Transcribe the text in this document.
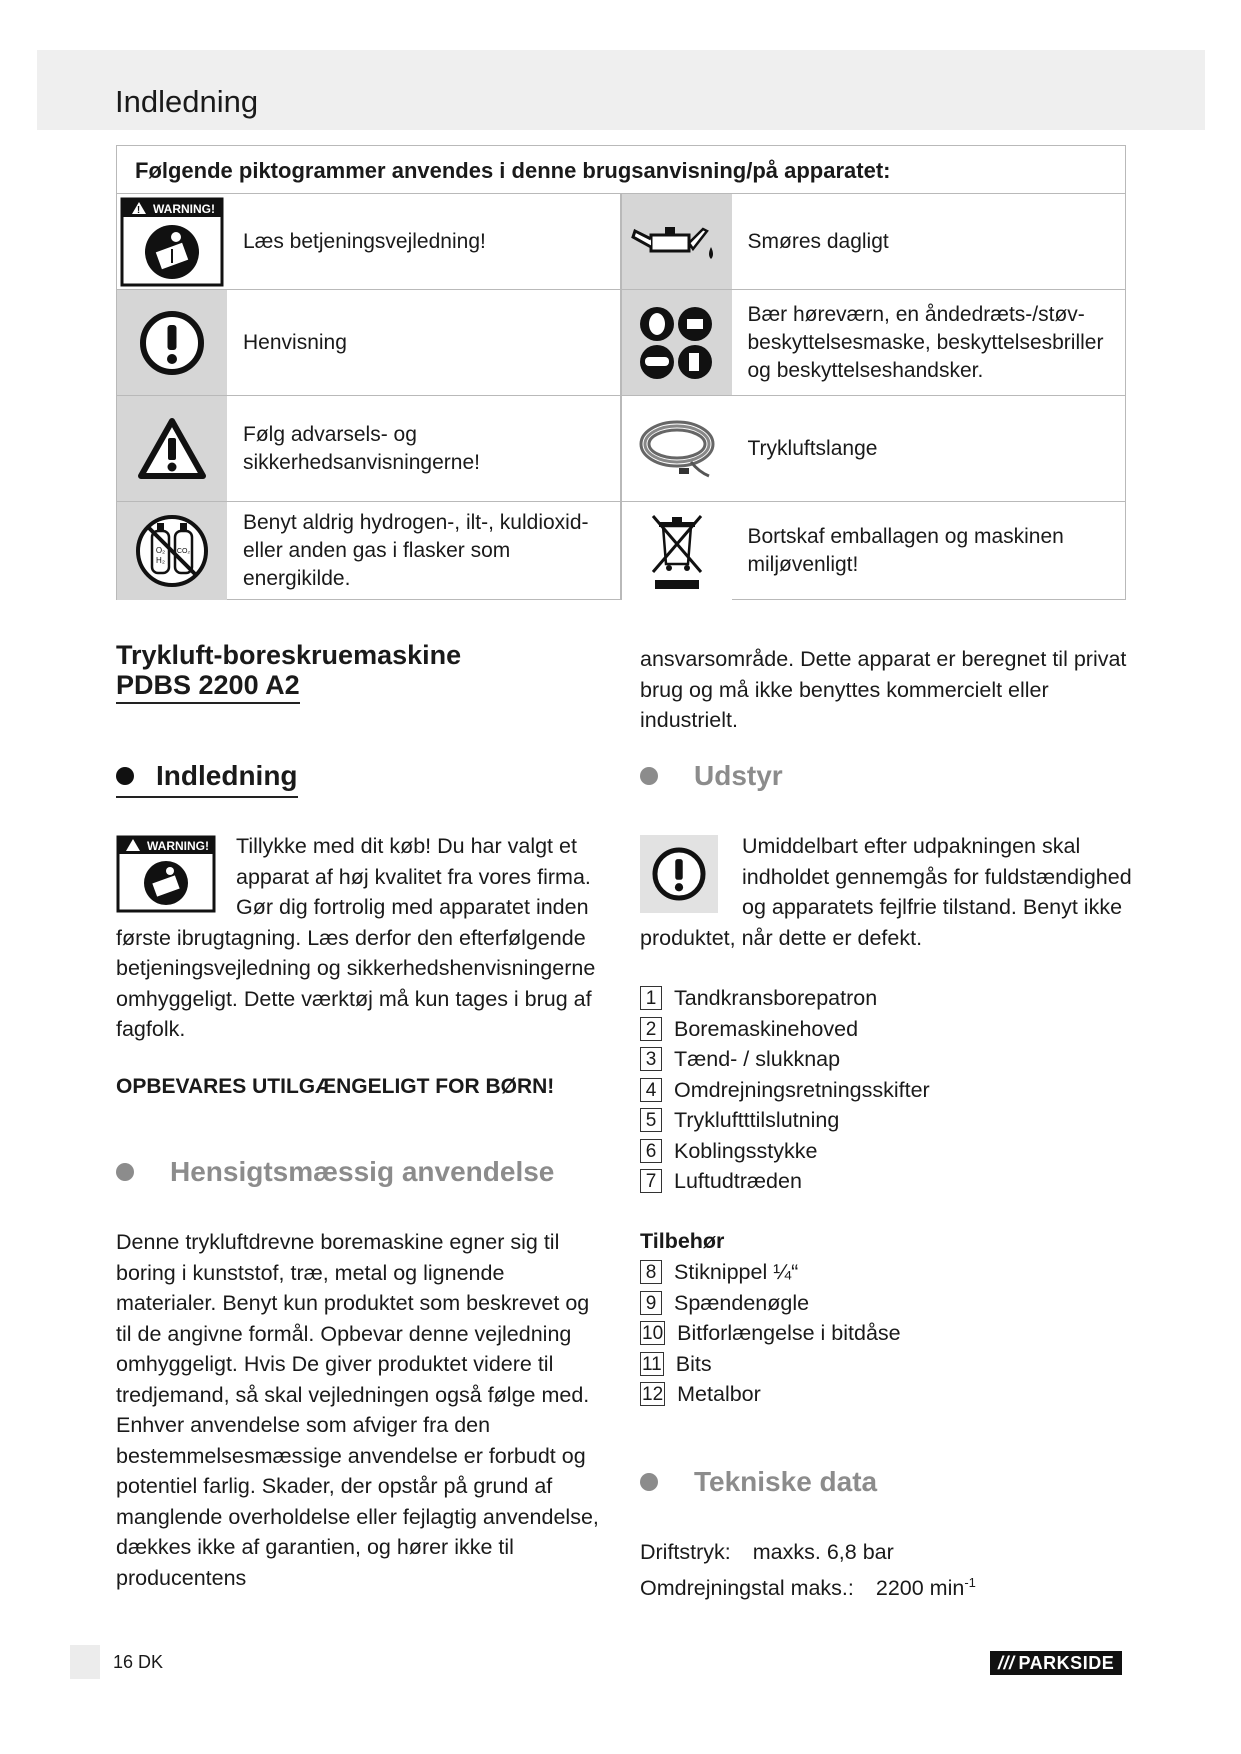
Indledning
Følgende piktogrammer anvendes i denne brugsanvisning/på apparatet:
! WARNING!
Læs betjeningsvejledning!	Smøres dagligt
Henvisning
Bær høreværn, en åndedræts-/støv-beskyttelsesmaske, beskyttelsesbriller og beskyttelseshandsker.
Følg advarsels- og sikkerhedsanvisningerne!
Trykluftslange
O₂
H₂
CO₂
Benyt aldrig hydrogen-, ilt-, kuldioxid- eller anden gas i flasker som energikilde.
Bortskaf emballagen og maskinen miljøvenligt!
Trykluft-boreskruemaskine
PDBS 2200 A2
Indledning
WARNING! Tillykke med dit køb! Du har valgt et apparat af høj kvalitet fra vores firma. Gør dig fortrolig med apparatet inden første ibrugtagning. Læs derfor den efterfølgende betjeningsvejledning og sikkerhedshenvisningerne omhyggeligt. Dette værktøj må kun tages i brug af fagfolk.
OPBEVARES UTILGÆNGELIGT FOR BØRN!
Hensigtsmæssig anvendelse
Denne trykluftdrevne boremaskine egner sig til boring i kunststof, træ, metal og lignende materialer. Benyt kun produktet som beskrevet og til de angivne formål. Opbevar denne vejledning omhyggeligt. Hvis De giver produktet videre til tredjemand, så skal vejledningen også følge med. Enhver anvendelse som afviger fra den bestemmelsesmæssige anvendelse er forbudt og potentiel farlig. Skader, der opstår på grund af manglende overholdelse eller fejlagtig anvendelse, dækkes ikke af garantien, og hører ikke til producentens
ansvarsområde. Dette apparat er beregnet til privat brug og må ikke benyttes kommercielt eller industrielt.
Udstyr
Umiddelbart efter udpakningen skal indholdet gennemgås for fuldstændighed og apparatets fejlfrie tilstand. Benyt ikke produktet, når dette er defekt.
1 Tandkransborepatron
2 Boremaskinehoved
3 Tænd- / slukknap
4 Omdrejningsretningsskifter
5 Trykluftttilslutning
6 Koblingsstykke
7 Luftudtræden
Tilbehør
8 Stiknippel ¼“
9 Spændenøgle
10 Bitforlængelse i bitdåse
11 Bits
12 Metalbor
Tekniske data
Driftstryk: maxks. 6,8 bar
Omdrejningstal maks.: 2200 $\min^{-1}$
16 DK	/// PARKSIDE
